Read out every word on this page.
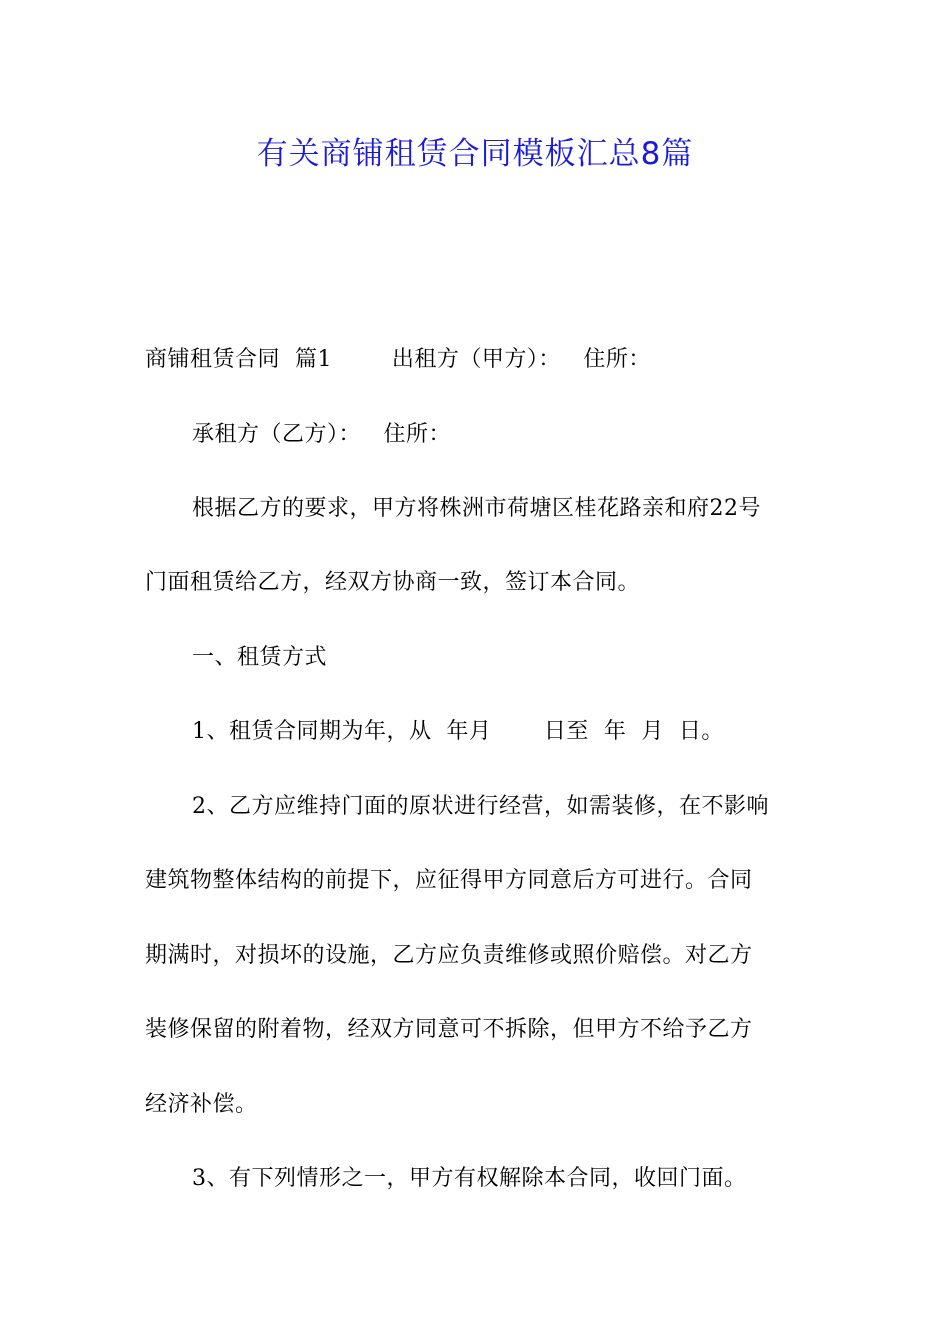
有关商铺租赁合同模板汇总8篇
商铺租赁合同  篇1        出租方（甲方）：   住所：
承租方（乙方）：   住所：
根据乙方的要求，甲方将株洲市荷塘区桂花路亲和府22号
门面租赁给乙方，经双方协商一致，签订本合同。
一、租赁方式
1、租赁合同期为年，从  年月       日至  年  月  日。
2、乙方应维持门面的原状进行经营，如需装修，在不影响
建筑物整体结构的前提下，应征得甲方同意后方可进行。合同
期满时，对损坏的设施，乙方应负责维修或照价赔偿。对乙方
装修保留的附着物，经双方同意可不拆除，但甲方不给予乙方
经济补偿。
3、有下列情形之一，甲方有权解除本合同，收回门面。
